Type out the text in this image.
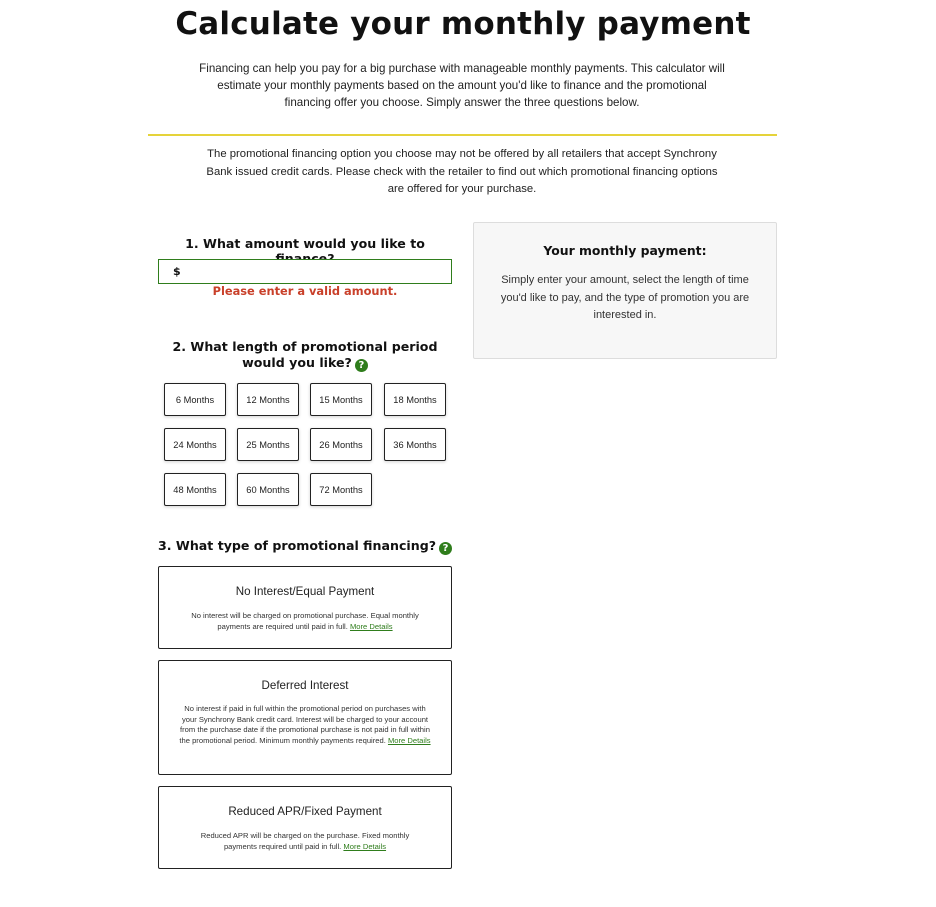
Calculate your monthly payment
Financing can help you pay for a big purchase with manageable monthly payments. This calculator will estimate your monthly payments based on the amount you'd like to finance and the promotional financing offer you choose. Simply answer the three questions below.
The promotional financing option you choose may not be offered by all retailers that accept Synchrony Bank issued credit cards. Please check with the retailer to find out which promotional financing options are offered for your purchase.
1. What amount would you like to
$
Please enter a valid amount.
2. What length of promotional period would you like? ?
6 Months	12 Months	15 Months	18 Months
24 Months	25 Months	26 Months	36 Months
48 Months	60 Months	72 Months
3. What type of promotional financing? ?
No Interest/Equal Payment
No interest will be charged on promotional purchase. Equal monthly payments are required until paid in full. More Details
Deferred Interest
No interest if paid in full within the promotional period on purchases with your Synchrony Bank credit card. Interest will be charged to your account from the purchase date if the promotional purchase is not paid in full within the promotional period. Minimum monthly payments required. More Details
Reduced APR/Fixed Payment
Reduced APR will be charged on the purchase. Fixed monthly payments required until paid in full. More Details
Your monthly payment:
Simply enter your amount, select the length of time you'd like to pay, and the type of promotion you are interested in.
